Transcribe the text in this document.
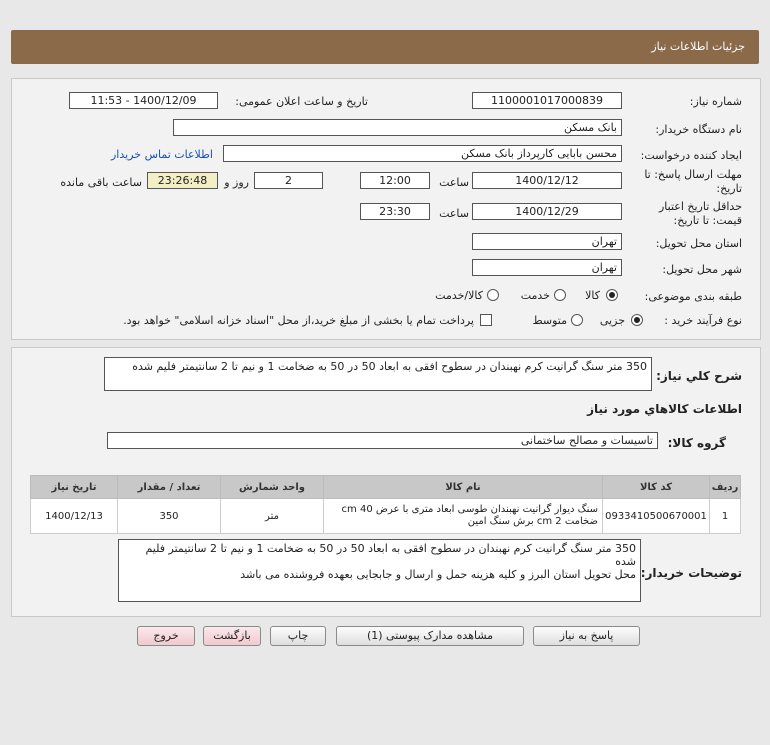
جزئیات اطلاعات نیاز
شماره نیاز:
1100001017000839
تاریخ و ساعت اعلان عمومی:
1400/12/09 - 11:53
نام دستگاه خریدار:
بانک مسکن
ایجاد کننده درخواست:
محسن بابایی کارپرداز بانک مسکن
اطلاعات تماس خریدار
مهلت ارسال پاسخ: تا
تاریخ:
1400/12/12
ساعت
12:00
2
روز و
23:26:48
ساعت باقی مانده
حداقل تاریخ اعتبار
قیمت: تا تاریخ:
1400/12/29
ساعت
23:30
استان محل تحویل:
تهران
شهر محل تحویل:
تهران
طبقه بندی موضوعی:
کالا
خدمت
کالا/خدمت
نوع فرآیند خرید :
جزیی
متوسط
پرداخت تمام یا بخشی از مبلغ خرید،از محل "اسناد خزانه اسلامی" خواهد بود.
شرح کلي نياز:
350 متر سنگ گرانیت کرم نهبندان در سطوح افقی به ابعاد 50 در 50 به ضخامت 1 و نیم تا 2 سانتیمتر فلیم شده
اطلاعات کالاهاي مورد نياز
گروه کالا:
تاسیسات و مصالح ساختمانی
ردیف	کد کالا	نام کالا	واحد شمارش	تعداد / مقدار	تاریخ نیاز
1	0933410500670001	سنگ دیوار گرانیت نهبندان طوسی ابعاد متری با عرض cm 40 ضخامت cm 2 برش سنگ امین	متر	350	1400/12/13
توضیحات خریدار:
350 متر سنگ گرانیت کرم نهبندان در سطوح افقی به ابعاد 50 در 50 به ضخامت 1 و نیم تا 2 سانتیمتر فلیم شده
محل تحویل استان البرز و کلیه هزینه حمل و ارسال و جابجایی بعهده فروشنده می باشد
پاسخ به نیاز
مشاهده مدارک پیوستی (1)
چاپ
بازگشت
خروج
